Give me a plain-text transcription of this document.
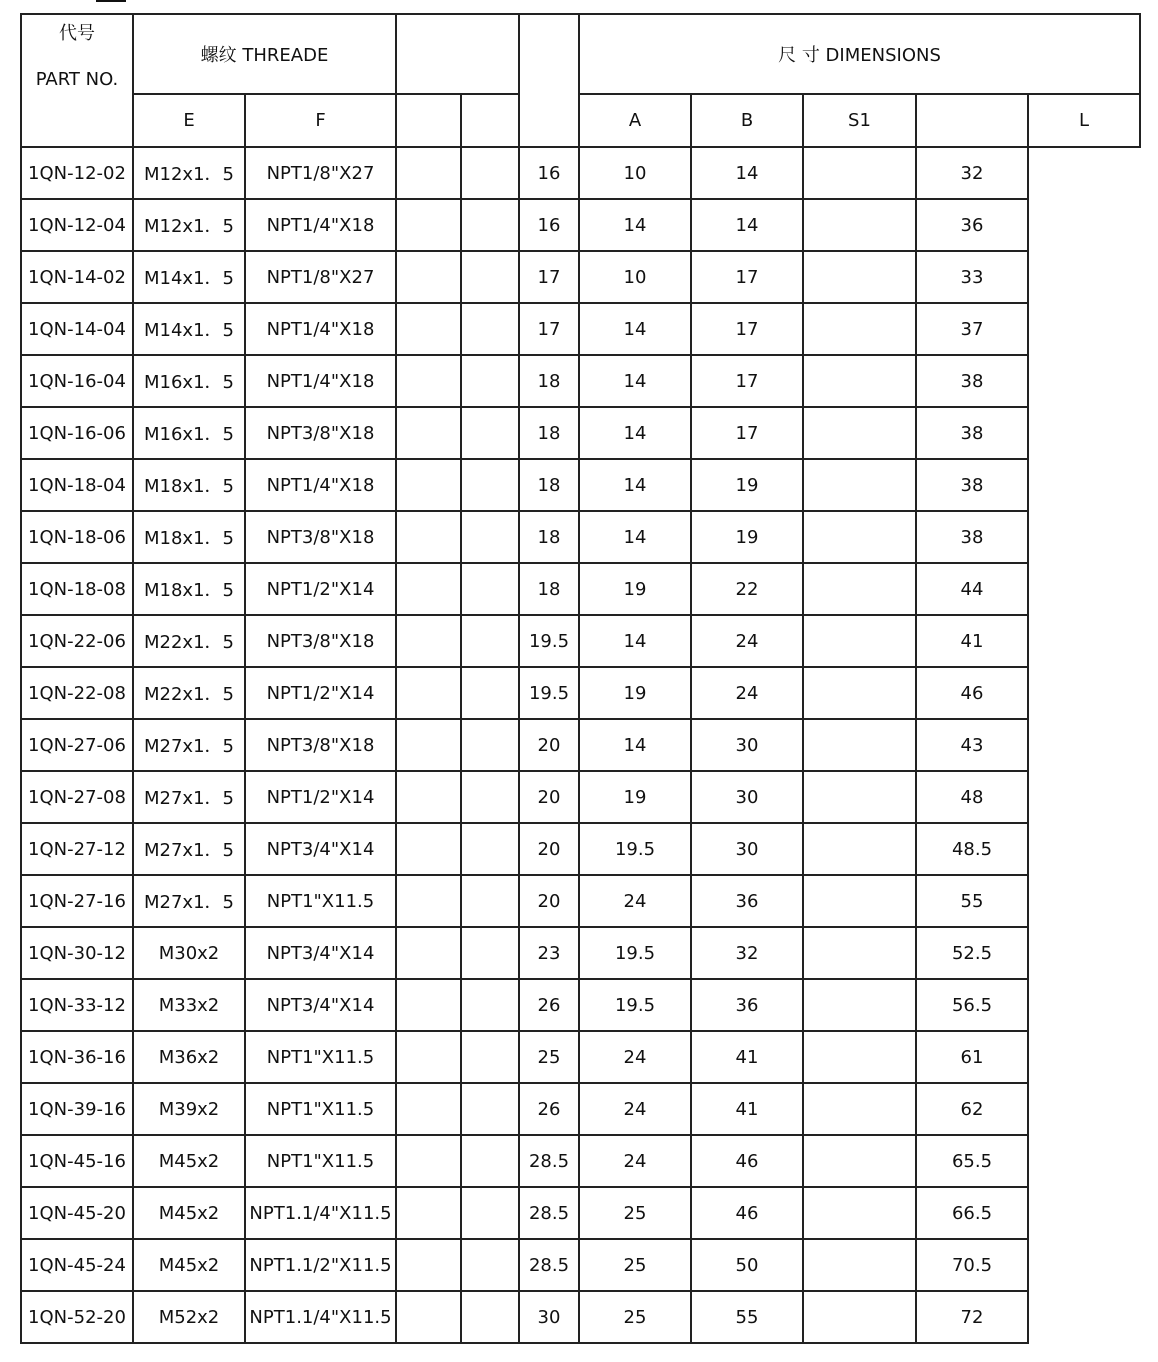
代号
PART NO.	螺纹 THREADE					尺 寸 DIMENSIONS				
	E	F				A	B	S1		L
1QN-12-02	M12x1．5	NPT1/8"X27			16	10	14		32	
1QN-12-04	M12x1．5	NPT1/4"X18			16	14	14		36	
1QN-14-02	M14x1．5	NPT1/8"X27			17	10	17		33	
1QN-14-04	M14x1．5	NPT1/4"X18			17	14	17		37	
1QN-16-04	M16x1．5	NPT1/4"X18			18	14	17		38	
1QN-16-06	M16x1．5	NPT3/8"X18			18	14	17		38	
1QN-18-04	M18x1．5	NPT1/4"X18			18	14	19		38	
1QN-18-06	M18x1．5	NPT3/8"X18			18	14	19		38	
1QN-18-08	M18x1．5	NPT1/2"X14			18	19	22		44	
1QN-22-06	M22x1．5	NPT3/8"X18			19.5	14	24		41	
1QN-22-08	M22x1．5	NPT1/2"X14			19.5	19	24		46	
1QN-27-06	M27x1．5	NPT3/8"X18			20	14	30		43	
1QN-27-08	M27x1．5	NPT1/2"X14			20	19	30		48	
1QN-27-12	M27x1．5	NPT3/4"X14			20	19.5	30		48.5	
1QN-27-16	M27x1．5	NPT1"X11.5			20	24	36		55	
1QN-30-12	M30x2	NPT3/4"X14			23	19.5	32		52.5	
1QN-33-12	M33x2	NPT3/4"X14			26	19.5	36		56.5	
1QN-36-16	M36x2	NPT1"X11.5			25	24	41		61	
1QN-39-16	M39x2	NPT1"X11.5			26	24	41		62	
1QN-45-16	M45x2	NPT1"X11.5			28.5	24	46		65.5	
1QN-45-20	M45x2	NPT1.1/4"X11.5			28.5	25	46		66.5	
1QN-45-24	M45x2	NPT1.1/2"X11.5			28.5	25	50		70.5	
1QN-52-20	M52x2	NPT1.1/4"X11.5			30	25	55		72	
